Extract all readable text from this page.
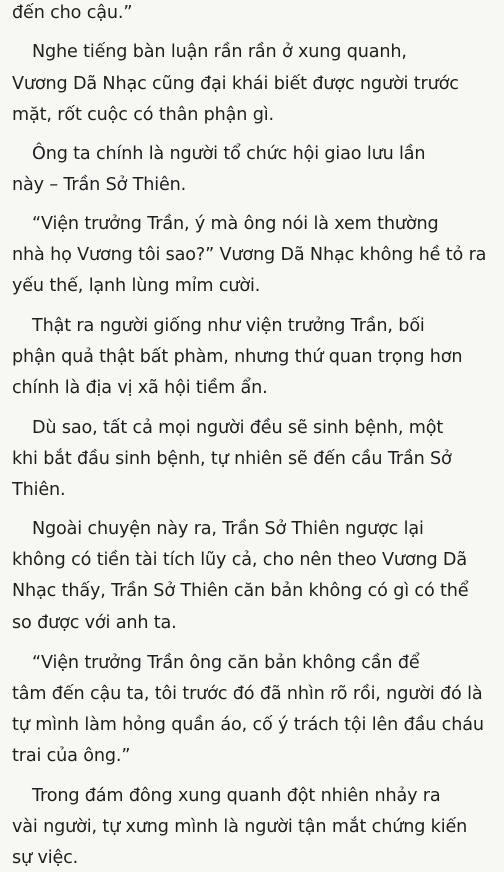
đến cho cậu.”
Nghe tiếng bàn luận rần rần ở xung quanh,
Vương Dã Nhạc cũng đại khái biết được người trước
mặt, rốt cuộc có thân phận gì.
Ông ta chính là người tổ chức hội giao lưu lần
này – Trần Sở Thiên.
“Viện trưởng Trần, ý mà ông nói là xem thường
nhà họ Vương tôi sao?” Vương Dã Nhạc không hề tỏ ra
yếu thế, lạnh lùng mỉm cười.
Thật ra người giống như viện trưởng Trần, bối
phận quả thật bất phàm, nhưng thứ quan trọng hơn
chính là địa vị xã hội tiềm ẩn.
Dù sao, tất cả mọi người đều sẽ sinh bệnh, một
khi bắt đầu sinh bệnh, tự nhiên sẽ đến cầu Trần Sở
Thiên.
Ngoài chuyện này ra, Trần Sở Thiên ngược lại
không có tiền tài tích lũy cả, cho nên theo Vương Dã
Nhạc thấy, Trần Sở Thiên căn bản không có gì có thể
so được với anh ta.
“Viện trưởng Trần ông căn bản không cần để
tâm đến cậu ta, tôi trước đó đã nhìn rõ rồi, người đó là
tự mình làm hỏng quần áo, cố ý trách tội lên đầu cháu
trai của ông.”
Trong đám đông xung quanh đột nhiên nhảy ra
vài người, tự xưng mình là người tận mắt chứng kiến
sự việc.
